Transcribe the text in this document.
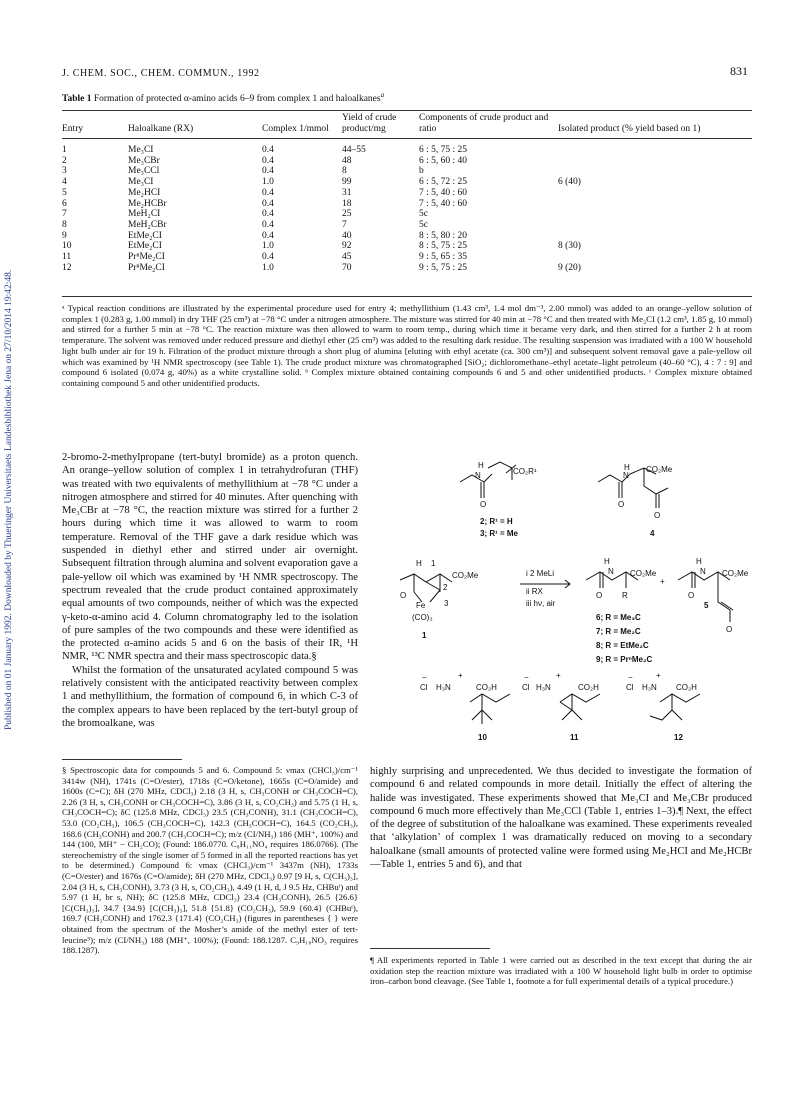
Published on 01 January 1992. Downloaded by Thueringer Universitaets Landesbibliothek Jena on 27/10/2014 19:42:48.
J. CHEM. SOC., CHEM. COMMUN., 1992	831
Table 1 Formation of protected α-amino acids 6–9 from complex 1 and haloalkanes$^a$
Entry	Haloalkane (RX)	Complex 1/mmol	Yield of crude product/mg	Components of crude product and ratio	Isolated product (% yield based on 1)
1	Me₃CI	0.4	44–55	6 : 5, 75 : 25	
2	Me₃CBr	0.4	48	6 : 5, 60 : 40	
3	Me₃CCl	0.4	8	b	
4	Me₃CI	1.0	99	6 : 5, 72 : 25	6 (40)
5	Me₂HCI	0.4	31	7 : 5, 40 : 60	
6	Me₂HCBr	0.4	18	7 : 5, 40 : 60	
7	MeH₂CI	0.4	25	5c	
8	MeH₂CBr	0.4	7	5c	
9	EtMe₂CI	0.4	40	8 : 5, 80 : 20	
10	EtMe₂CI	1.0	92	8 : 5, 75 : 25	8 (30)
11	PrⁿMe₂CI	0.4	45	9 : 5, 65 : 35	
12	PrⁿMe₂CI	1.0	70	9 : 5, 75 : 25	9 (20)
ᵃ Typical reaction conditions are illustrated by the experimental procedure used for entry 4; methyllithium (1.43 cm³, 1.4 mol dm⁻³, 2.00 mmol) was added to an orange–yellow solution of complex 1 (0.283 g, 1.00 mmol) in dry THF (25 cm³) at −78 °C under a nitrogen atmosphere. The mixture was stirred for 40 min at −78 °C and then treated with Me₃CI (1.2 cm³, 1.85 g, 10 mmol) and stirred for a further 5 min at −78 °C. The reaction mixture was then allowed to warm to room temp., during which time it became very dark, and then stirred for a further 2 h at room temperature. The solvent was removed under reduced pressure and diethyl ether (25 cm³) was added to the resulting dark residue. The resulting suspension was irradiated with a 100 W household light bulb under air for 19 h. Filtration of the product mixture through a short plug of alumina [eluting with ethyl acetate (ca. 300 cm³)] and subsequent solvent removal gave a pale-yellow oil which was examined by ¹H NMR spectroscopy (see Table 1). The crude product mixture was chromatographed [SiO₂; dichloromethane–ethyl acetate–light petroleum (40–60 °C), 4 : 7 : 9] and compound 6 isolated (0.074 g, 40%) as a white crystalline solid. ᵇ Complex mixture obtained containing compounds 6 and 5 and other unidentified products. ᶜ Complex mixture obtained containing compound 5 and other unidentified products.

2-bromo-2-methylpropane (tert-butyl bromide) as a proton quench. An orange–yellow solution of complex 1 in tetrahydrofuran (THF) was treated with two equivalents of methyllithium at −78 °C under a nitrogen atmosphere and stirred for 40 minutes. After quenching with Me₃CBr at −78 °C, the reaction mixture was stirred for a further 2 hours during which time it was allowed to warm to room temperature. Removal of the THF gave a dark residue which was suspended in diethyl ether and stirred under air overnight. Subsequent filtration through alumina and solvent evaporation gave a pale-yellow oil which was examined by ¹H NMR spectroscopy. The spectrum revealed that the crude product contained approximately equal amounts of two compounds, neither of which was the expected γ-keto-α-amino acid 4. Column chromatography led to the isolation of pure samples of the two compounds and these were identified as the protected α-amino acids 5 and 6 on the basis of their IR, ¹H NMR, ¹³C NMR spectra and their mass spectroscopic data.§

Whilst the formation of the unsaturated acylated compound 5 was relatively consistent with the anticipated reactivity between complex 1 and methyllithium, the formation of compound 6, in which C-3 of the complex appears to have been replaced by the tert-butyl group of the bromoalkane, was

H
N	CO₂R¹
O
2; R¹ = H
3; R¹ = Me
H
N
CO₂Me
O
O
4
H 1
CO₂Me
2
3
O
Fe
(CO)₃
1
i 2 MeLi
ii RX
iii hν, air
H
N CO₂Me
O R
+
H
N CO₂Me
O
O
5
6; R = Me₃C
7; R = Me₂C
8; R = EtMe₂C
9; R = PrⁿMe₂C
+
−
Cl H₃N	CO₂H
10
+
−
Cl H₃N	CO₂H
11
+
−
Cl H₃N CO₂H
12
§ Spectroscopic data for compounds 5 and 6. Compound 5: νmax (CHCl₃)/cm⁻¹ 3414w (NH), 1741s (C=O/ester), 1718s (C=O/ketone), 1665s (C=O/amide) and 1600s (C=C); δH (270 MHz, CDCl₃) 2.18 (3 H, s, CH₃CONH or CH₃COCH=C), 2.26 (3 H, s, CH₃CONH or CH₃COCH=C), 3.86 (3 H, s, CO₂CH₃) and 5.75 (1 H, s, CH₃COCH=C); δC (125.8 MHz, CDCl₃) 23.5 (CH₃CONH), 31.1 (CH₃COCH=C), 53.0 (CO₂CH₃), 106.5 (CH₃COCH=C), 142.3 (CH₃COCH=C), 164.5 (CO₂CH₃), 168.6 (CH₃CONH) and 200.7 (CH₃COCH=C); m/z (CI/NH₃) 186 (MH⁺, 100%) and 144 (100, MH⁺ − CH₂CO); (Found: 186.0770. C₈H₁₁NO₄ requires 186.0766). (The stereochemistry of the single isomer of 5 formed in all the reported reactions has yet to be determined.) Compound 6: νmax (CHCl₃)/cm⁻¹ 3437m (NH), 1733s (C=O/ester) and 1676s (C=O/amide); δH (270 MHz, CDCl₃) 0.97 [9 H, s, C(CH₃)₃], 2.04 (3 H, s, CH₃CONH), 3.73 (3 H, s, CO₂CH₃), 4.49 (1 H, d, J 9.5 Hz, CHBuᵗ) and 5.97 (1 H, br s, NH); δC (125.8 MHz, CDCl₃) 23.4 (CH₃CONH), 26.5 {26.6} [C(CH₃)₃], 34.7 {34.9} [C(CH₃)₃], 51.8 {51.8} (CO₂CH₃), 59.9 {60.4} (CHBuᵗ), 169.7 (CH₃CONH) and 1762.3 {171.4} (CO₂CH₃) (figures in parentheses { } were obtained from the spectrum of the Mosher’s amide of the methyl ester of tert-leucine⁵); m/z (CI/NH₃) 188 (MH⁺, 100%); (Found: 188.1287. C₉H₁₈NO₃ requires 188.1287).
highly surprising and unprecedented. We thus decided to investigate the formation of compound 6 and related compounds in more detail. Initially the effect of altering the halide was investigated. These experiments showed that Me₃CI and Me₃CBr produced compound 6 much more effectively than Me₃CCl (Table 1, entries 1–3).¶ Next, the effect of the degree of substitution of the haloalkane was examined. These experiments revealed that ‘alkylation’ of complex 1 was dramatically reduced on moving to a secondary haloalkane (small amounts of protected valine were formed using Me₂HCI and Me₂HCBr—Table 1, entries 5 and 6), and that
¶ All experiments reported in Table 1 were carried out as described in the text except that during the air oxidation step the reaction mixture was irradiated with a 100 W household light bulb in order to optimise iron–carbon bond cleavage. (See Table 1, footnote a for full experimental details of a typical procedure.)
